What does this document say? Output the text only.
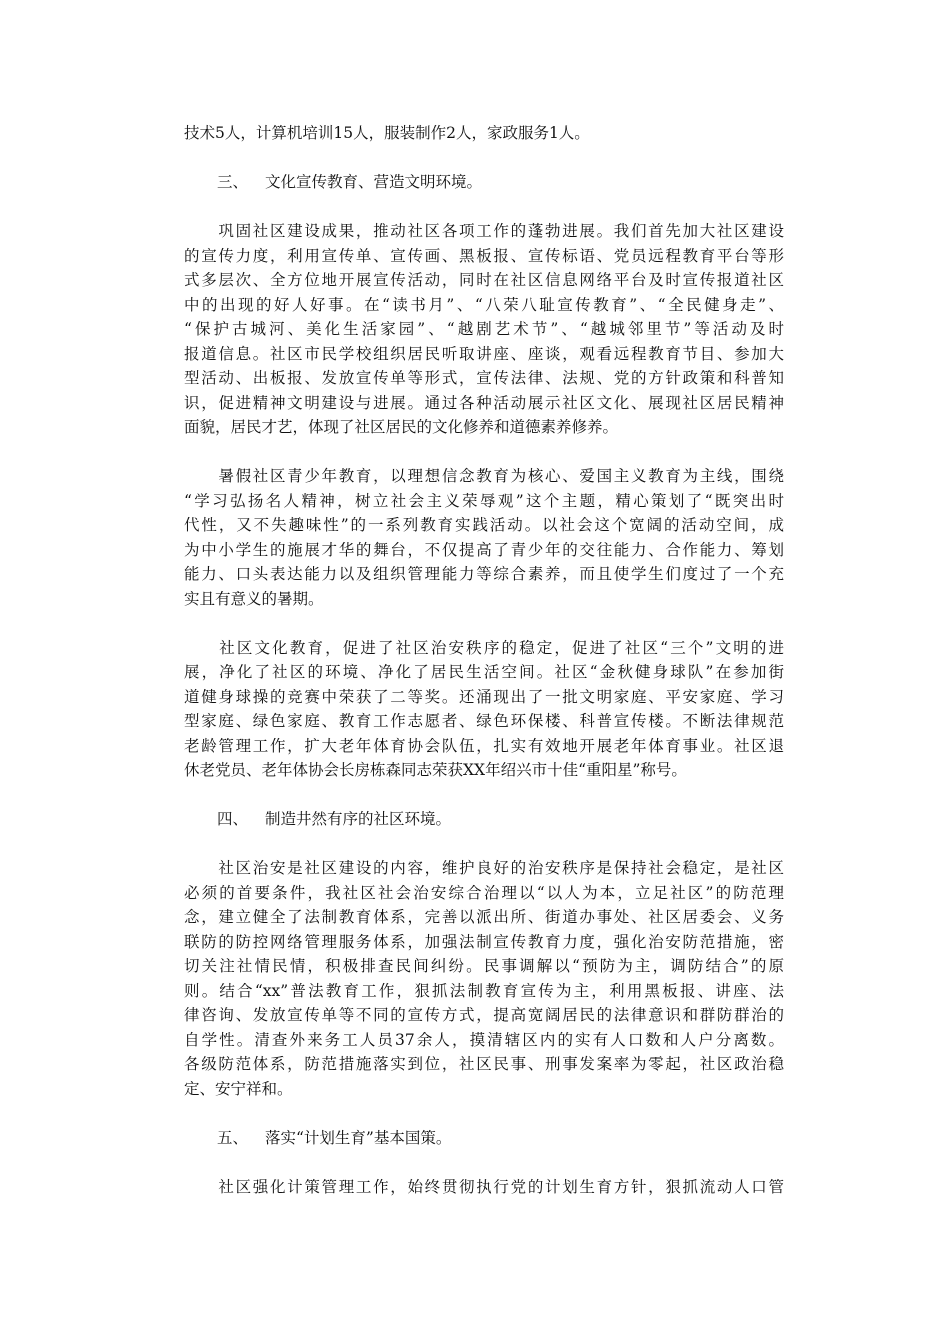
技术5人，计算机培训15人，服装制作2人，家政服务1人。
三、 文化宣传教育、营造文明环境。
　　巩固社区建设成果，推动社区各项工作的蓬勃进展。我们首先加大社区建设
的宣传力度，利用宣传单、宣传画、黑板报、宣传标语、党员远程教育平台等形
式多层次、全方位地开展宣传活动，同时在社区信息网络平台及时宣传报道社区
中的出现的好人好事。在“读书月”、“八荣八耻宣传教育”、“全民健身走”、
“保护古城河、美化生活家园”、“越剧艺术节”、“越城邻里节”等活动及时
报道信息。社区市民学校组织居民听取讲座、座谈，观看远程教育节目、参加大
型活动、出板报、发放宣传单等形式，宣传法律、法规、党的方针政策和科普知
识，促进精神文明建设与进展。通过各种活动展示社区文化、展现社区居民精神
面貌，居民才艺，体现了社区居民的文化修养和道德素养修养。
　　暑假社区青少年教育，以理想信念教育为核心、爱国主义教育为主线，围绕
“学习弘扬名人精神，树立社会主义荣辱观”这个主题，精心策划了“既突出时
代性，又不失趣味性”的一系列教育实践活动。以社会这个宽阔的活动空间，成
为中小学生的施展才华的舞台，不仅提高了青少年的交往能力、合作能力、筹划
能力、口头表达能力以及组织管理能力等综合素养，而且使学生们度过了一个充
实且有意义的暑期。
　　社区文化教育，促进了社区治安秩序的稳定，促进了社区“三个”文明的进
展，净化了社区的环境、净化了居民生活空间。社区“金秋健身球队”在参加街
道健身球操的竞赛中荣获了二等奖。还涌现出了一批文明家庭、平安家庭、学习
型家庭、绿色家庭、教育工作志愿者、绿色环保楼、科普宣传楼。不断法律规范
老龄管理工作，扩大老年体育协会队伍，扎实有效地开展老年体育事业。社区退
休老党员、老年体协会长房栋森同志荣获XX年绍兴市十佳“重阳星”称号。
四、 制造井然有序的社区环境。
　　社区治安是社区建设的内容，维护良好的治安秩序是保持社会稳定，是社区
必须的首要条件，我社区社会治安综合治理以“以人为本，立足社区”的防范理
念，建立健全了法制教育体系，完善以派出所、街道办事处、社区居委会、义务
联防的防控网络管理服务体系，加强法制宣传教育力度，强化治安防范措施，密
切关注社情民情，积极排查民间纠纷。民事调解以“预防为主，调防结合”的原
则。结合“xx”普法教育工作，狠抓法制教育宣传为主，利用黑板报、讲座、法
律咨询、发放宣传单等不同的宣传方式，提高宽阔居民的法律意识和群防群治的
自学性。清查外来务工人员37余人，摸清辖区内的实有人口数和人户分离数。
各级防范体系，防范措施落实到位，社区民事、刑事发案率为零起，社区政治稳
定、安宁祥和。
五、 落实“计划生育”基本国策。
　　社区强化计策管理工作，始终贯彻执行党的计划生育方针，狠抓流动人口管
